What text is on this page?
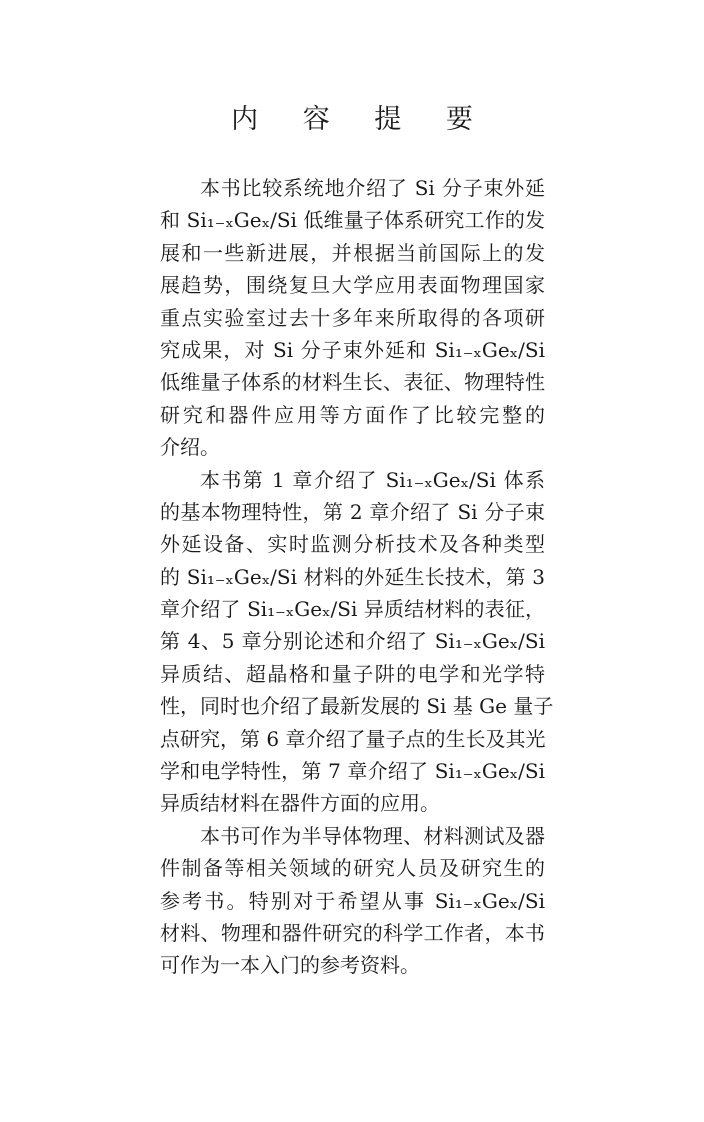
内 容 提 要
本书比较系统地介绍了 Si 分子束外延
和 Si₁₋ₓGeₓ/Si 低维量子体系研究工作的发
展和一些新进展，并根据当前国际上的发
展趋势，围绕复旦大学应用表面物理国家
重点实验室过去十多年来所取得的各项研
究成果，对 Si 分子束外延和 Si₁₋ₓGeₓ/Si
低维量子体系的材料生长、表征、物理特性
研究和器件应用等方面作了比较完整的
介绍。
本书第 1 章介绍了 Si₁₋ₓGeₓ/Si 体系
的基本物理特性，第 2 章介绍了 Si 分子束
外延设备、实时监测分析技术及各种类型
的 Si₁₋ₓGeₓ/Si 材料的外延生长技术，第 3
章介绍了 Si₁₋ₓGeₓ/Si 异质结材料的表征，
第 4、5 章分别论述和介绍了 Si₁₋ₓGeₓ/Si
异质结、超晶格和量子阱的电学和光学特
性，同时也介绍了最新发展的 Si 基 Ge 量子
点研究，第 6 章介绍了量子点的生长及其光
学和电学特性，第 7 章介绍了 Si₁₋ₓGeₓ/Si
异质结材料在器件方面的应用。
本书可作为半导体物理、材料测试及器
件制备等相关领域的研究人员及研究生的
参考书。特别对于希望从事 Si₁₋ₓGeₓ/Si
材料、物理和器件研究的科学工作者，本书
可作为一本入门的参考资料。
